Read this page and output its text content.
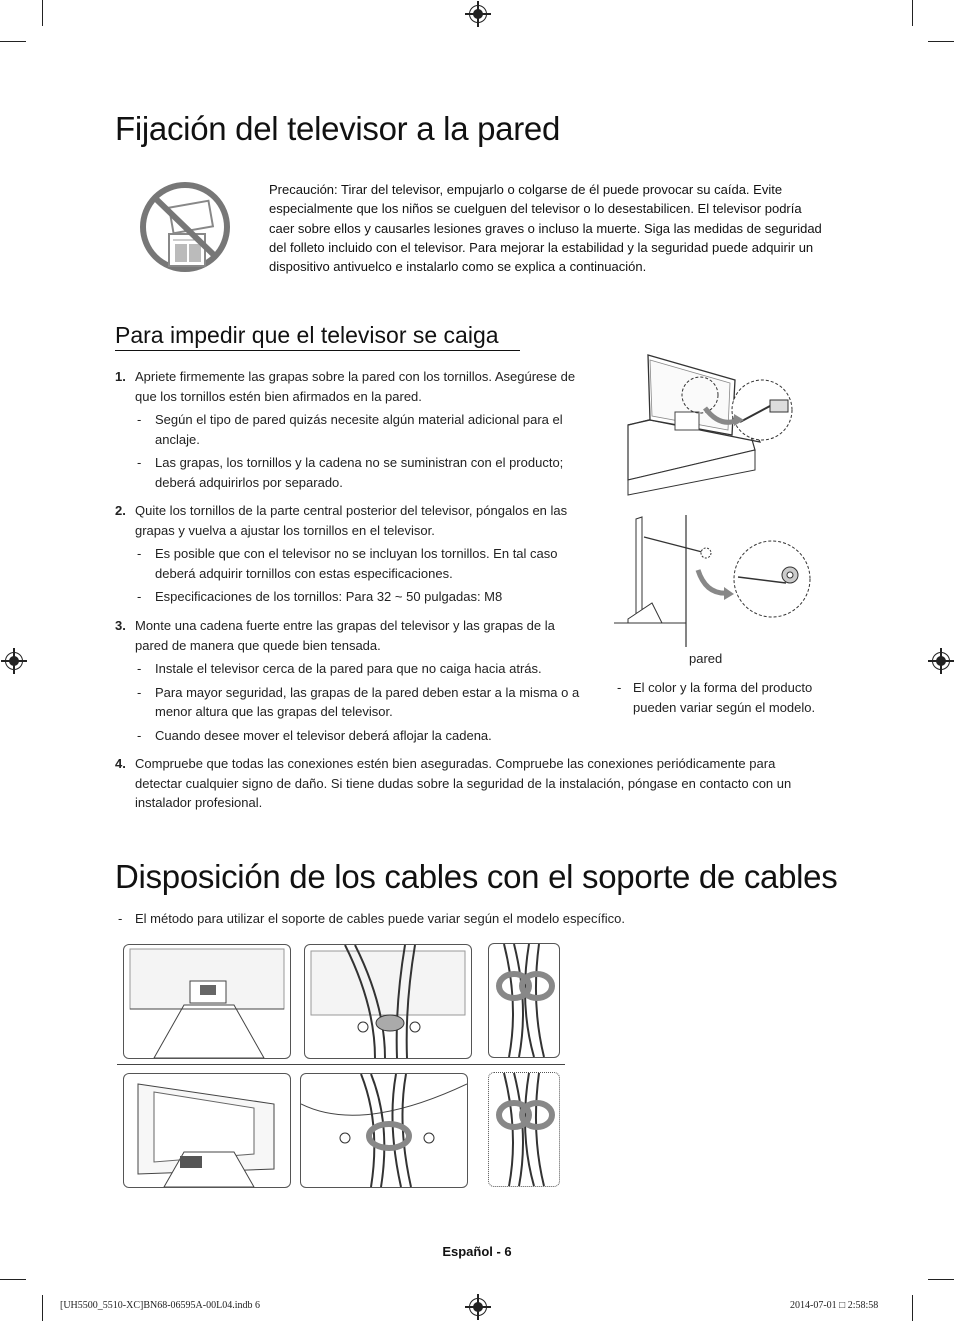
Fijación del televisor a la pared
Precaución: Tirar del televisor, empujarlo o colgarse de él puede provocar su caída. Evite especialmente que los niños se cuelguen del televisor o lo desestabilicen. El televisor podría caer sobre ellos y causarles lesiones graves o incluso la muerte. Siga las medidas de seguridad del folleto incluido con el televisor. Para mejorar la estabilidad y la seguridad puede adquirir un dispositivo antivuelco e instalarlo como se explica a continuación.
Para impedir que el televisor se caiga
1. Apriete firmemente las grapas sobre la pared con los tornillos. Asegúrese de que los tornillos estén bien afirmados en la pared.
- Según el tipo de pared quizás necesite algún material adicional para el anclaje.
- Las grapas, los tornillos y la cadena no se suministran con el producto; deberá adquirirlos por separado.
2. Quite los tornillos de la parte central posterior del televisor, póngalos en las grapas y vuelva a ajustar los tornillos en el televisor.
- Es posible que con el televisor no se incluyan los tornillos. En tal caso deberá adquirir tornillos con estas especificaciones.
- Especificaciones de los tornillos: Para 32 ~ 50 pulgadas: M8
3. Monte una cadena fuerte entre las grapas del televisor y las grapas de la pared de manera que quede bien tensada.
- Instale el televisor cerca de la pared para que no caiga hacia atrás.
- Para mayor seguridad, las grapas de la pared deben estar a la misma o a menor altura que las grapas del televisor.
- Cuando desee mover el televisor deberá aflojar la cadena.
4. Compruebe que todas las conexiones estén bien aseguradas. Compruebe las conexiones periódicamente para detectar cualquier signo de daño. Si tiene dudas sobre la seguridad de la instalación, póngase en contacto con un instalador profesional.
pared
El color y la forma del producto pueden variar según el modelo.
-
Disposición de los cables con el soporte de cables
- El método para utilizar el soporte de cables puede variar según el modelo específico.
Español - 6
[UH5500_5510-XC]BN68-06595A-00L04.indb 6	2014-07-01 □ 2:58:58
